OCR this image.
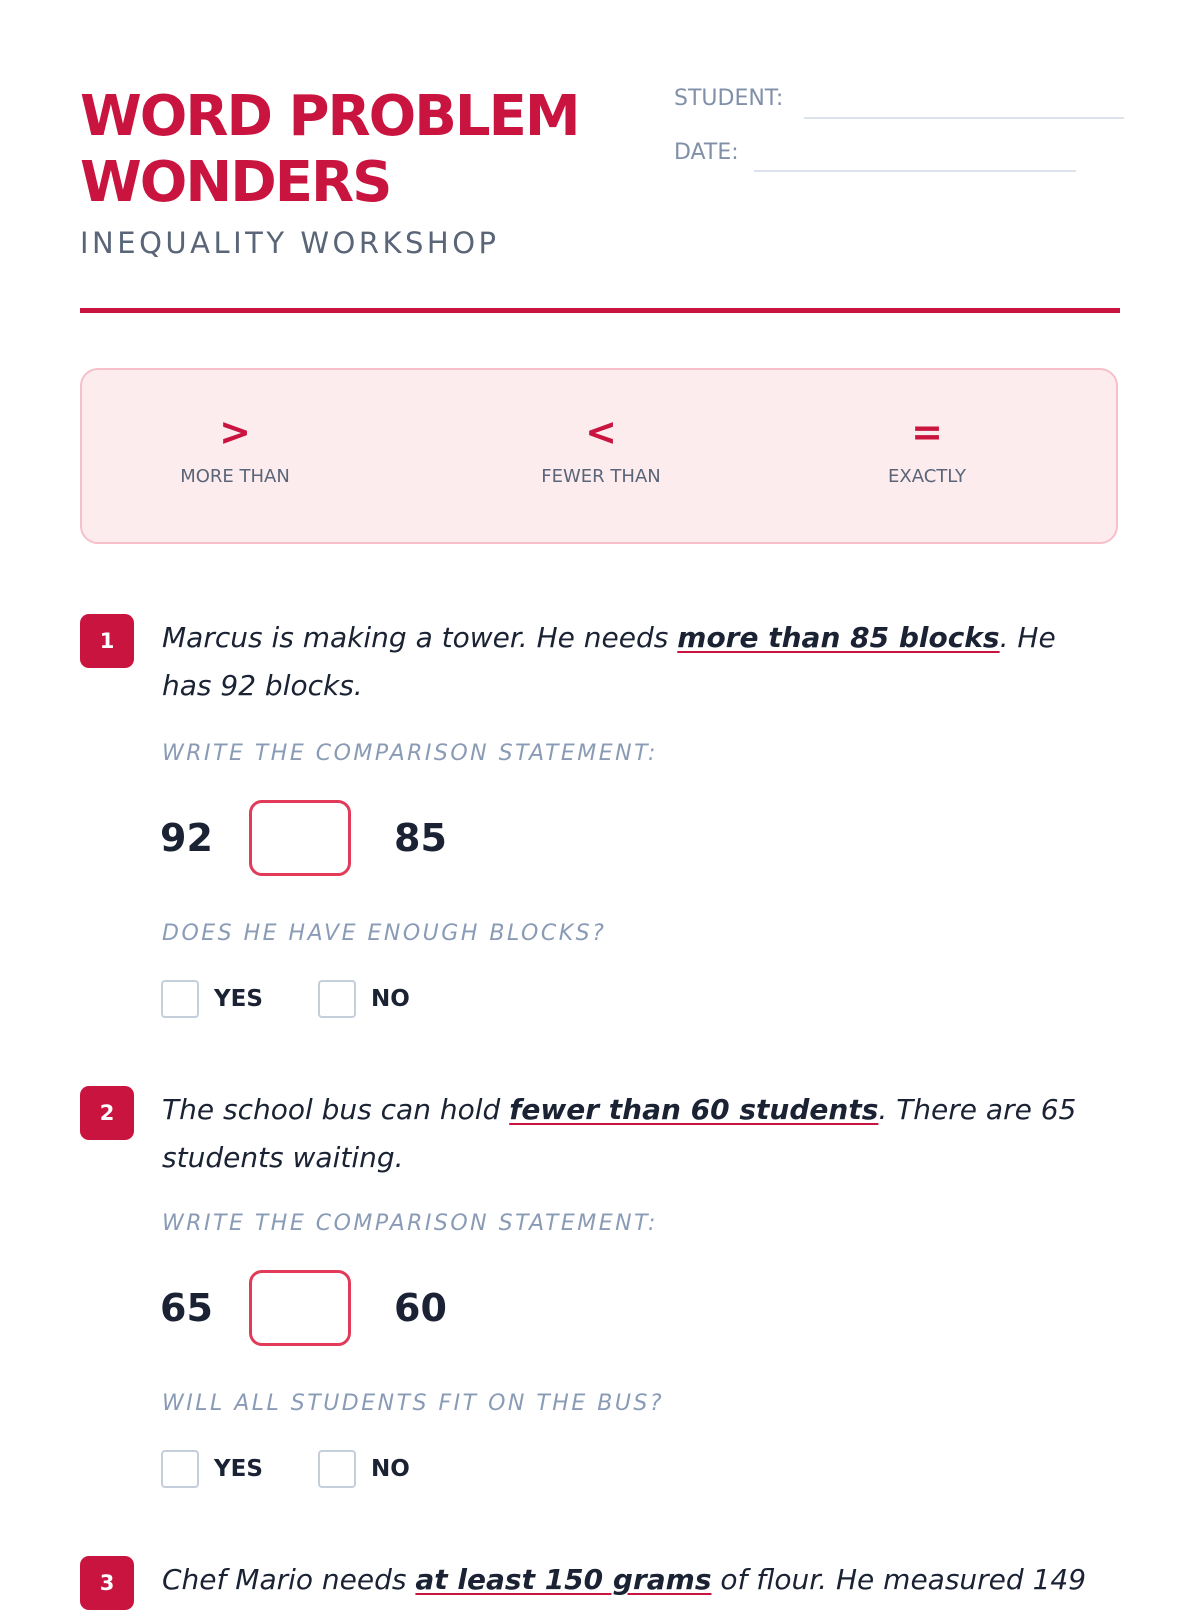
WORD PROBLEM
WONDERS
INEQUALITY WORKSHOP
STUDENT:
DATE:
>
MORE THAN
<
FEWER THAN
=
EXACTLY
1	Marcus is making a tower. He needs more than 85 blocks. He has 92 blocks.
WRITE THE COMPARISON STATEMENT:
92	85
DOES HE HAVE ENOUGH BLOCKS?
YES	NO
2	The school bus can hold fewer than 60 students. There are 65 students waiting.
WRITE THE COMPARISON STATEMENT:
65	60
WILL ALL STUDENTS FIT ON THE BUS?
YES	NO
3	Chef Mario needs at least 150 grams of flour. He measured 149
